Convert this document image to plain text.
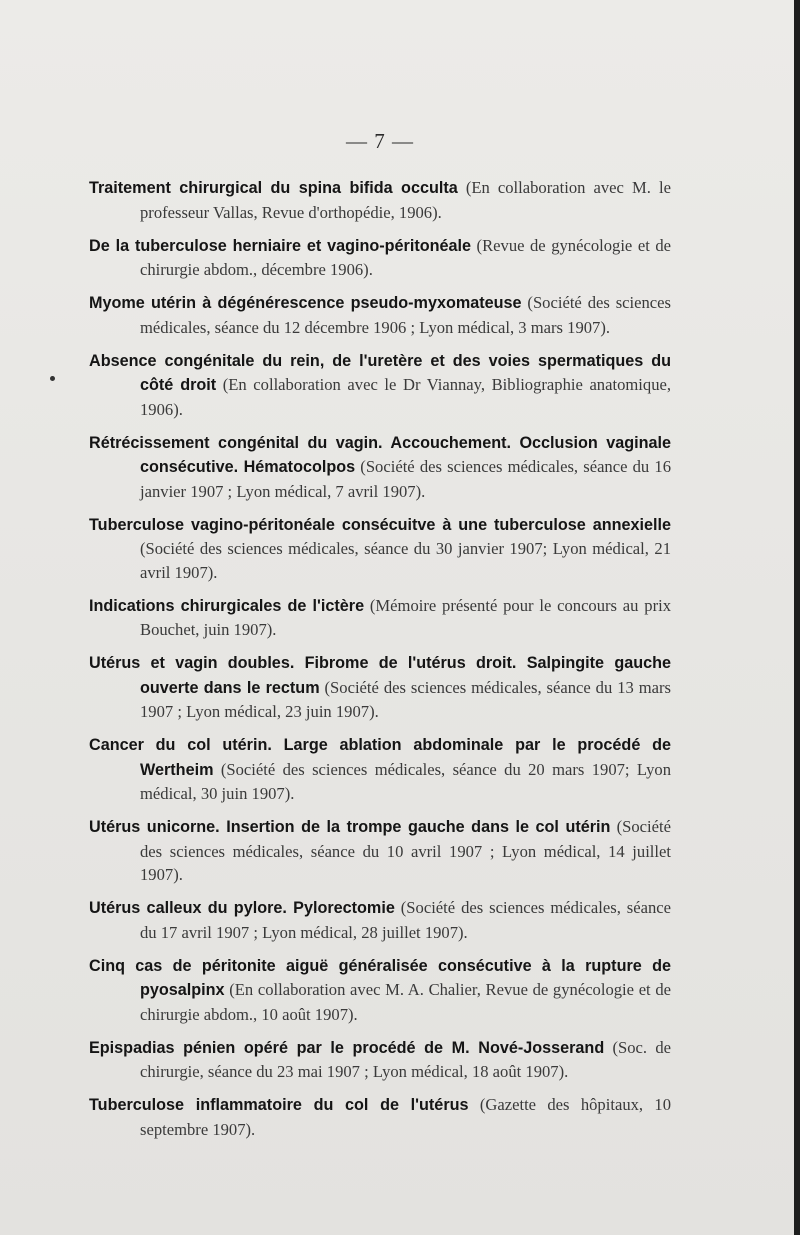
— 7 —

Traitement chirurgical du spina bifida occulta (En collaboration avec M. le professeur Vallas, Revue d'orthopédie, 1906).

De la tuberculose herniaire et vagino-péritonéale (Revue de gynécologie et de chirurgie abdom., décembre 1906).

Myome utérin à dégénérescence pseudo-myxomateuse (Société des sciences médicales, séance du 12 décembre 1906 ; Lyon médical, 3 mars 1907).

Absence congénitale du rein, de l'uretère et des voies spermatiques du côté droit (En collaboration avec le Dr Viannay, Bibliographie anatomique, 1906).

Rétrécissement congénital du vagin. Accouchement. Occlusion vaginale consécutive. Hématocolpos (Société des sciences médicales, séance du 16 janvier 1907 ; Lyon médical, 7 avril 1907).

Tuberculose vagino-péritonéale consécuitve à une tuberculose annexielle (Société des sciences médicales, séance du 30 janvier 1907; Lyon médical, 21 avril 1907).

Indications chirurgicales de l'ictère (Mémoire présenté pour le concours au prix Bouchet, juin 1907).

Utérus et vagin doubles. Fibrome de l'utérus droit. Salpingite gauche ouverte dans le rectum (Société des sciences médicales, séance du 13 mars 1907 ; Lyon médical, 23 juin 1907).

Cancer du col utérin. Large ablation abdominale par le procédé de Wertheim (Société des sciences médicales, séance du 20 mars 1907; Lyon médical, 30 juin 1907).

Utérus unicorne. Insertion de la trompe gauche dans le col utérin (Société des sciences médicales, séance du 10 avril 1907 ; Lyon médical, 14 juillet 1907).

Utérus calleux du pylore. Pylorectomie (Société des sciences médicales, séance du 17 avril 1907 ; Lyon médical, 28 juillet 1907).

Cinq cas de péritonite aiguë généralisée consécutive à la rupture de pyosalpinx (En collaboration avec M. A. Chalier, Revue de gynécologie et de chirurgie abdom., 10 août 1907).

Epispadias pénien opéré par le procédé de M. Nové-Josserand (Soc. de chirurgie, séance du 23 mai 1907 ; Lyon médical, 18 août 1907).

Tuberculose inflammatoire du col de l'utérus (Gazette des hôpitaux, 10 septembre 1907).
